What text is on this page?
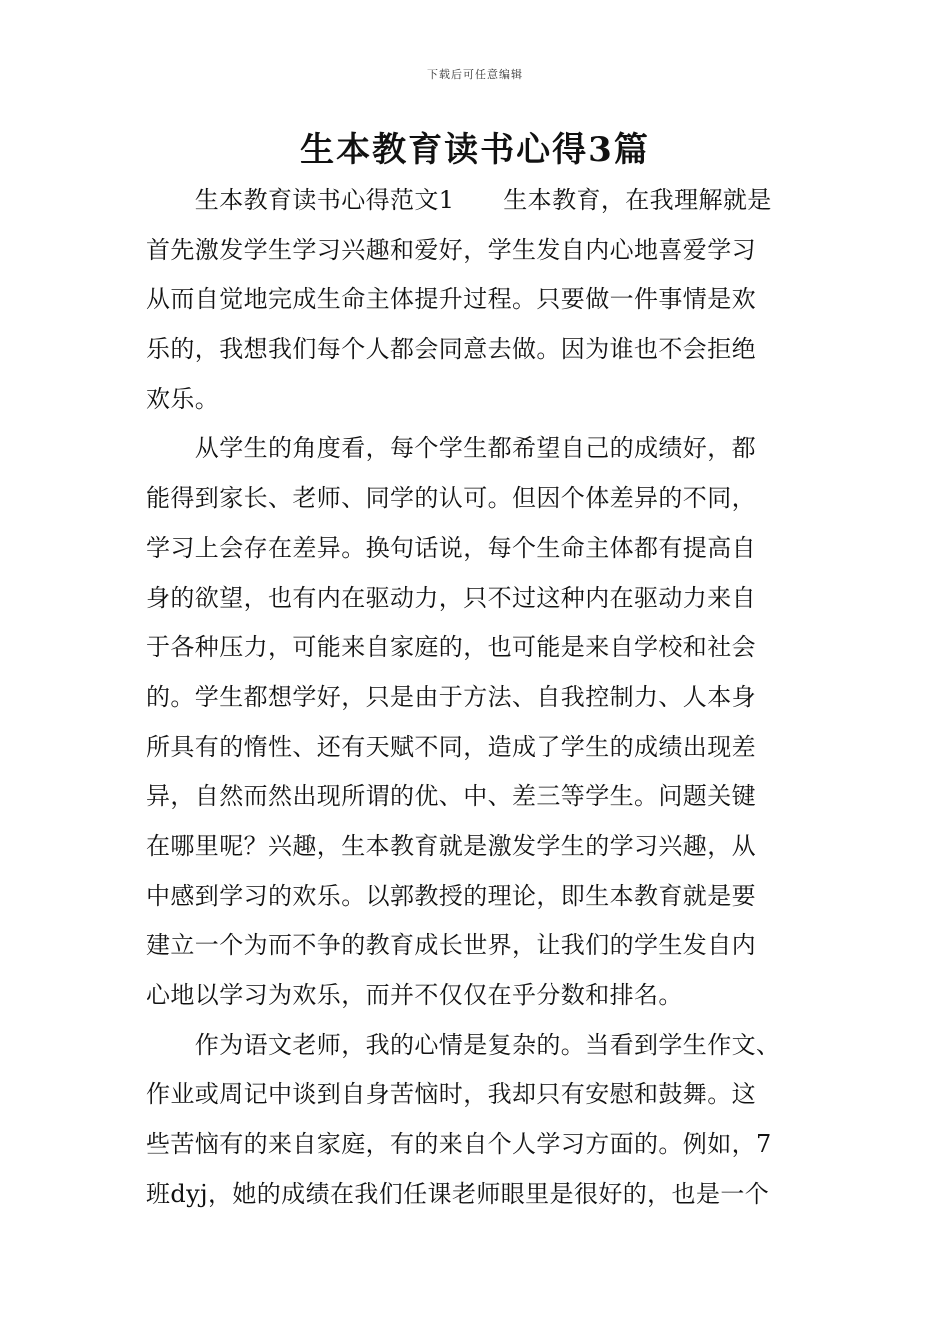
下载后可任意编辑
生本教育读书心得3篇
　　生本教育读书心得范文1　　生本教育，在我理解就是
首先激发学生学习兴趣和爱好，学生发自内心地喜爱学习
从而自觉地完成生命主体提升过程。只要做一件事情是欢
乐的，我想我们每个人都会同意去做。因为谁也不会拒绝
欢乐。
　　从学生的角度看，每个学生都希望自己的成绩好，都
能得到家长、老师、同学的认可。但因个体差异的不同，
学习上会存在差异。换句话说，每个生命主体都有提高自
身的欲望，也有内在驱动力，只不过这种内在驱动力来自
于各种压力，可能来自家庭的，也可能是来自学校和社会
的。学生都想学好，只是由于方法、自我控制力、人本身
所具有的惰性、还有天赋不同，造成了学生的成绩出现差
异，自然而然出现所谓的优、中、差三等学生。问题关键
在哪里呢？兴趣，生本教育就是激发学生的学习兴趣，从
中感到学习的欢乐。以郭教授的理论，即生本教育就是要
建立一个为而不争的教育成长世界，让我们的学生发自内
心地以学习为欢乐，而并不仅仅在乎分数和排名。
　　作为语文老师，我的心情是复杂的。当看到学生作文、
作业或周记中谈到自身苦恼时，我却只有安慰和鼓舞。这
些苦恼有的来自家庭，有的来自个人学习方面的。例如，7
班dyj，她的成绩在我们任课老师眼里是很好的，也是一个
